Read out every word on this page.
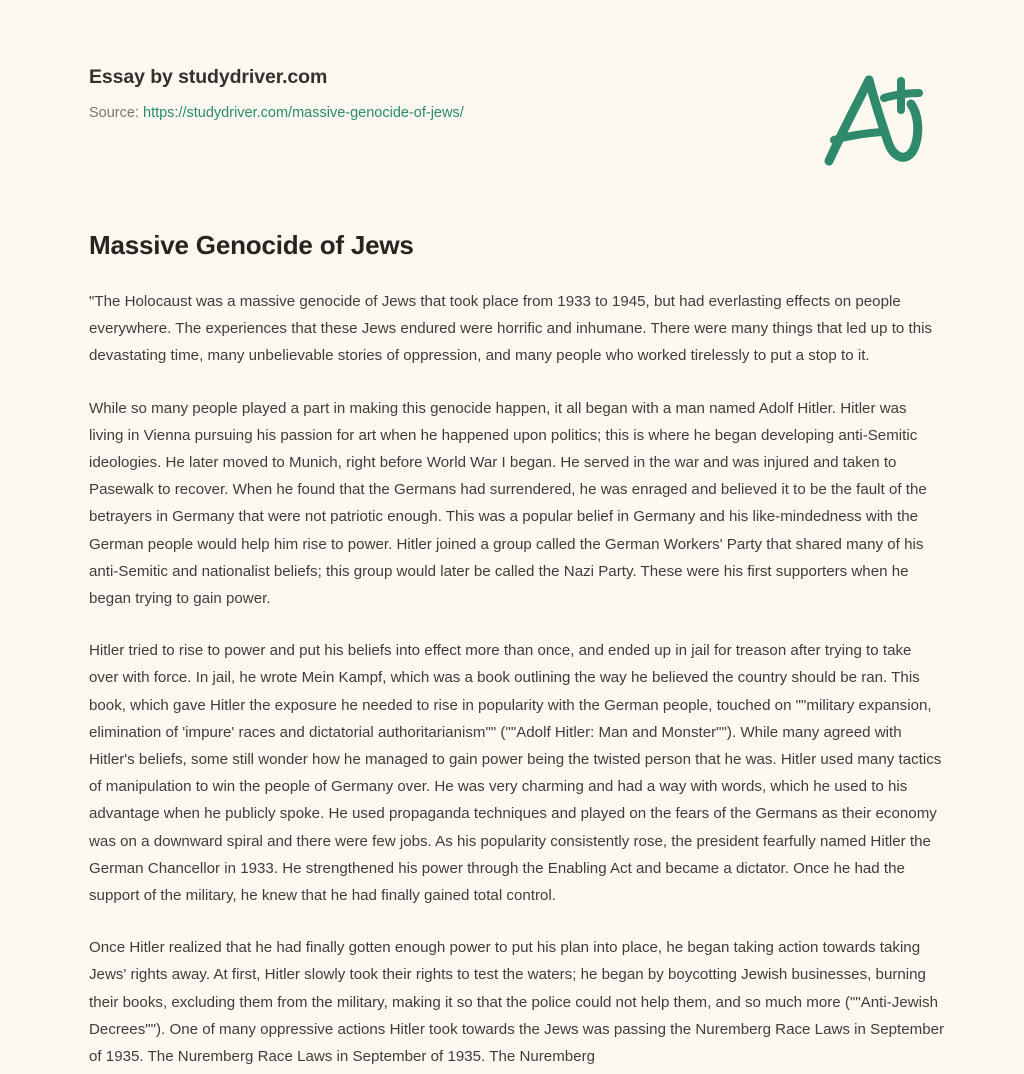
Essay by studydriver.com
Source: https://studydriver.com/massive-genocide-of-jews/
Massive Genocide of Jews

"The Holocaust was a massive genocide of Jews that took place from 1933 to 1945, but had everlasting effects on people everywhere. The experiences that these Jews endured were horrific and inhumane. There were many things that led up to this devastating time, many unbelievable stories of oppression, and many people who worked tirelessly to put a stop to it.

While so many people played a part in making this genocide happen, it all began with a man named Adolf Hitler. Hitler was living in Vienna pursuing his passion for art when he happened upon politics; this is where he began developing anti-Semitic ideologies. He later moved to Munich, right before World War I began. He served in the war and was injured and taken to Pasewalk to recover. When he found that the Germans had surrendered, he was enraged and believed it to be the fault of the betrayers in Germany that were not patriotic enough. This was a popular belief in Germany and his like-mindedness with the German people would help him rise to power. Hitler joined a group called the German Workers' Party that shared many of his anti-Semitic and nationalist beliefs; this group would later be called the Nazi Party. These were his first supporters when he began trying to gain power.

Hitler tried to rise to power and put his beliefs into effect more than once, and ended up in jail for treason after trying to take over with force. In jail, he wrote Mein Kampf, which was a book outlining the way he believed the country should be ran. This book, which gave Hitler the exposure he needed to rise in popularity with the German people, touched on ""military expansion, elimination of 'impure' races and dictatorial authoritarianism"" (""Adolf Hitler: Man and Monster""). While many agreed with Hitler's beliefs, some still wonder how he managed to gain power being the twisted person that he was. Hitler used many tactics of manipulation to win the people of Germany over. He was very charming and had a way with words, which he used to his advantage when he publicly spoke. He used propaganda techniques and played on the fears of the Germans as their economy was on a downward spiral and there were few jobs. As his popularity consistently rose, the president fearfully named Hitler the German Chancellor in 1933. He strengthened his power through the Enabling Act and became a dictator. Once he had the support of the military, he knew that he had finally gained total control.

Once Hitler realized that he had finally gotten enough power to put his plan into place, he began taking action towards taking Jews' rights away. At first, Hitler slowly took their rights to test the waters; he began by boycotting Jewish businesses, burning their books, excluding them from the military, making it so that the police could not help them, and so much more (""Anti-Jewish Decrees""). One of many oppressive actions Hitler took towards the Jews was passing the Nuremberg Race Laws in September of 1935. The Nuremberg Race Laws in September of 1935. The Nuremberg
